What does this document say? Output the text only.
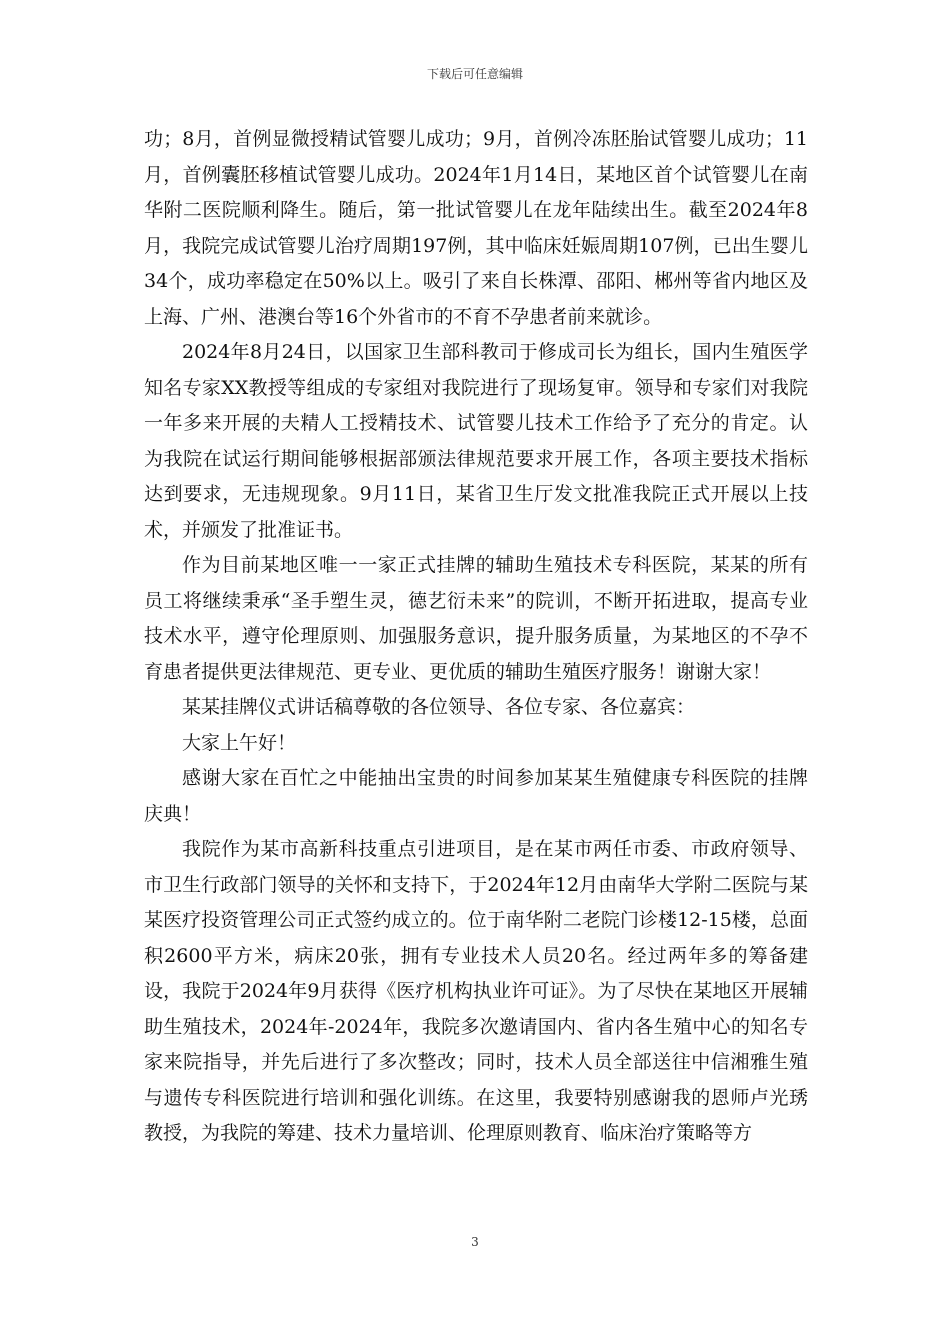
下载后可任意编辑

功；8月，首例显微授精试管婴儿成功；9月，首例冷冻胚胎试管婴儿成功；11月，首例囊胚移植试管婴儿成功。2024年1月14日，某地区首个试管婴儿在南华附二医院顺利降生。随后，第一批试管婴儿在龙年陆续出生。截至2024年8月，我院完成试管婴儿治疗周期197例，其中临床妊娠周期107例，已出生婴儿34个，成功率稳定在50%以上。吸引了来自长株潭、邵阳、郴州等省内地区及上海、广州、港澳台等16个外省市的不育不孕患者前来就诊。

2024年8月24日，以国家卫生部科教司于修成司长为组长，国内生殖医学知名专家XX教授等组成的专家组对我院进行了现场复审。领导和专家们对我院一年多来开展的夫精人工授精技术、试管婴儿技术工作给予了充分的肯定。认为我院在试运行期间能够根据部颁法律规范要求开展工作，各项主要技术指标达到要求，无违规现象。9月11日，某省卫生厅发文批准我院正式开展以上技术，并颁发了批准证书。

作为目前某地区唯一一家正式挂牌的辅助生殖技术专科医院，某某的所有员工将继续秉承“圣手塑生灵，德艺衍未来”的院训，不断开拓进取，提高专业技术水平，遵守伦理原则、加强服务意识，提升服务质量，为某地区的不孕不育患者提供更法律规范、更专业、更优质的辅助生殖医疗服务！谢谢大家！

某某挂牌仪式讲话稿尊敬的各位领导、各位专家、各位嘉宾：

大家上午好！

感谢大家在百忙之中能抽出宝贵的时间参加某某生殖健康专科医院的挂牌庆典！

我院作为某市高新科技重点引进项目，是在某市两任市委、市政府领导、市卫生行政部门领导的关怀和支持下，于2024年12月由南华大学附二医院与某某医疗投资管理公司正式签约成立的。位于南华附二老院门诊楼12-15楼，总面积2600平方米，病床20张，拥有专业技术人员20名。经过两年多的筹备建设，我院于2024年9月获得《医疗机构执业许可证》。为了尽快在某地区开展辅助生殖技术，2024年-2024年，我院多次邀请国内、省内各生殖中心的知名专家来院指导，并先后进行了多次整改；同时，技术人员全部送往中信湘雅生殖与遗传专科医院进行培训和强化训练。在这里，我要特别感谢我的恩师卢光琇教授，为我院的筹建、技术力量培训、伦理原则教育、临床治疗策略等方

3
